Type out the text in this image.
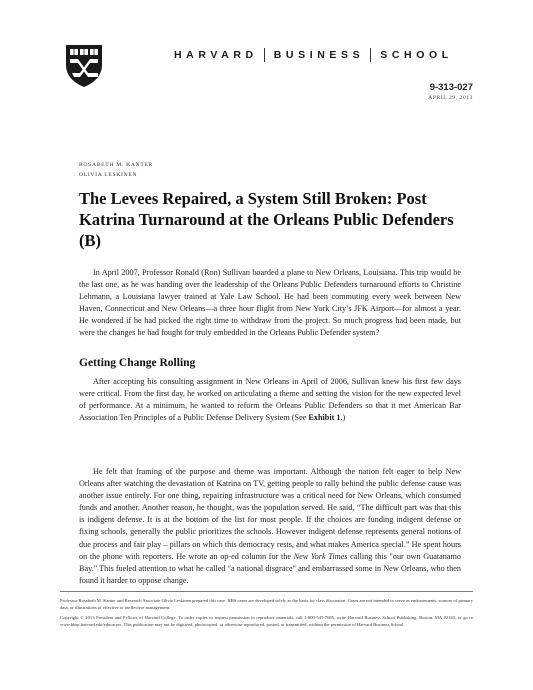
HARVARD BUSINESS SCHOOL
9-313-027
APRIL 29, 2013
ROSABETH M. KANTER
OLIVIA LESKINEN
The Levees Repaired, a System Still Broken: Post Katrina Turnaround at the Orleans Public Defenders (B)

In April 2007, Professor Ronald (Ron) Sullivan boarded a plane to New Orleans, Louisiana. This trip would be the last one, as he was handing over the leadership of the Orleans Public Defenders turnaround efforts to Christine Lehmann, a Louisiana lawyer trained at Yale Law School. He had been commuting every week between New Haven, Connecticut and New Orleans—a three hour flight from New York City’s JFK Airport—for almost a year. He wondered if he had picked the right time to withdraw from the project. So much progress had been made, but were the changes he had fought for truly embedded in the Orleans Public Defender system?

Getting Change Rolling

After accepting his consulting assignment in New Orleans in April of 2006, Sullivan knew his first few days were critical. From the first day, he worked on articulating a theme and setting the vision for the new expected level of performance. At a minimum, he wanted to reform the Orleans Public Defenders so that it met American Bar Association Ten Principles of a Public Defense Delivery System (See Exhibit 1.)

He felt that framing of the purpose and theme was important. Although the nation felt eager to help New Orleans after watching the devastation of Katrina on TV, getting people to rally behind the public defense cause was another issue entirely. For one thing, repairing infrastructure was a critical need for New Orleans, which consumed funds and another. Another reason, he thought, was the population served. He said, “The difficult part was that this is indigent defense. It is at the bottom of the list for most people. If the choices are funding indigent defense or fixing schools, generally the public prioritizes the schools. However indigent defense represents general notions of due process and fair play – pillars on which this democracy rests, and what makes America special.” He spent hours on the phone with reporters. He wrote an op-ed column for the New York Times calling this "our own Guatanamo Bay." This fueled attention to what he called "a national disgrace" and embarrassed some in New Orleans, who then found it harder to oppose change.

Professor Rosabeth M. Kanter and Research Associate Olivia Leskinen prepared this case. HBS cases are developed solely as the basis for class discussion. Cases are not intended to serve as endorsements, sources of primary data, or illustrations of effective or ineffective management.

Copyright © 2013 President and Fellows of Harvard College. To order copies or request permission to reproduce materials, call 1-800-545-7685, write Harvard Business School Publishing, Boston, MA 02163, or go to www.hbsp.harvard.edu/educators. This publication may not be digitized, photocopied, or otherwise reproduced, posted, or transmitted, without the permission of Harvard Business School.
